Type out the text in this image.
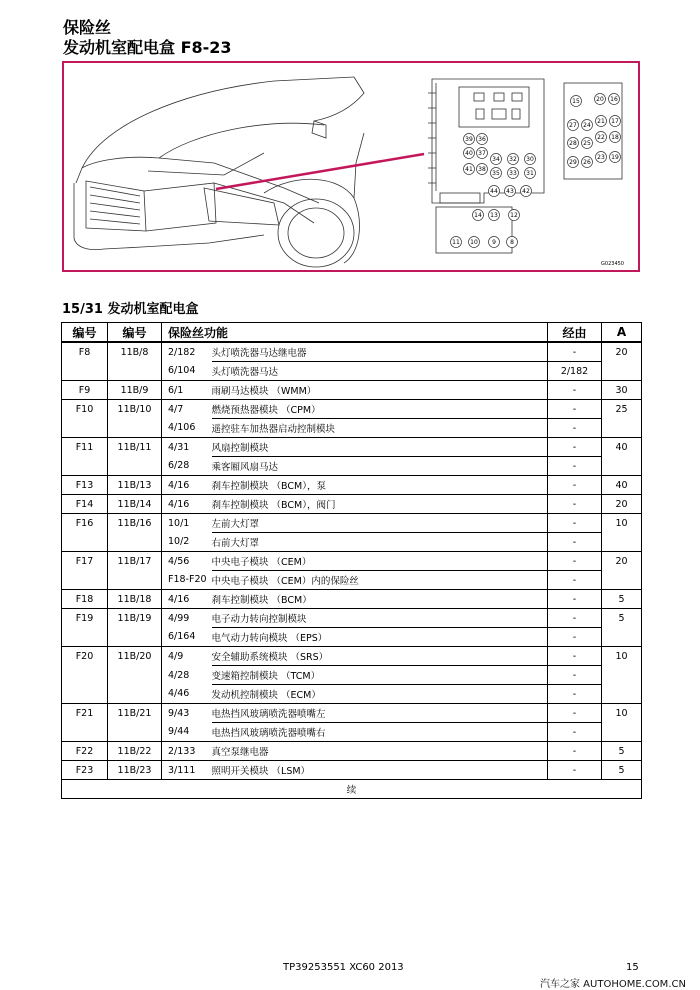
保险丝
发动机室配电盒 F8-23
39 36
40 37
34 32 30
41 38
35 33 31
44 43 42
15	20 16
27 24
21 17
28 25
22 18
29 26
23 19
14 13 12
11 10 9 8
G023450
15/31 发动机室配电盒
编号	编号	保险丝功能		经由	A
F8	11B/8	2/182	头灯喷洗器马达继电器	-	20
		6/104	头灯喷洗器马达	2/182	
F9	11B/9	6/1	雨刷马达模块 （WMM）	-	30
F10	11B/10	4/7	燃烧预热器模块 （CPM）	-	25
		4/106	遥控驻车加热器启动控制模块	-	
F11	11B/11	4/31	风扇控制模块	-	40
		6/28	乘客厢风扇马达	-	
F13	11B/13	4/16	刹车控制模块 （BCM），泵	-	40
F14	11B/14	4/16	刹车控制模块 （BCM），阀门	-	20
F16	11B/16	10/1	左前大灯罩	-	10
		10/2	右前大灯罩	-	
F17	11B/17	4/56	中央电子模块 （CEM）	-	20
		F18-F20	中央电子模块 （CEM）内的保险丝	-	
F18	11B/18	4/16	刹车控制模块 （BCM）	-	5
F19	11B/19	4/99	电子动力转向控制模块	-	5
		6/164	电气动力转向模块 （EPS）	-	
F20	11B/20	4/9	安全辅助系统模块 （SRS）	-	10
		4/28	变速箱控制模块 （TCM）	-	
		4/46	发动机控制模块 （ECM）	-	
F21	11B/21	9/43	电热挡风玻璃喷洗器喷嘴左	-	10
		9/44	电热挡风玻璃喷洗器喷嘴右	-	
F22	11B/22	2/133	真空泵继电器	-	5
F23	11B/23	3/111	照明开关模块 （LSM）	-	5
续					
TP39253551 XC60 2013	15
汽车之家 AUTOHOME.COM.CN
